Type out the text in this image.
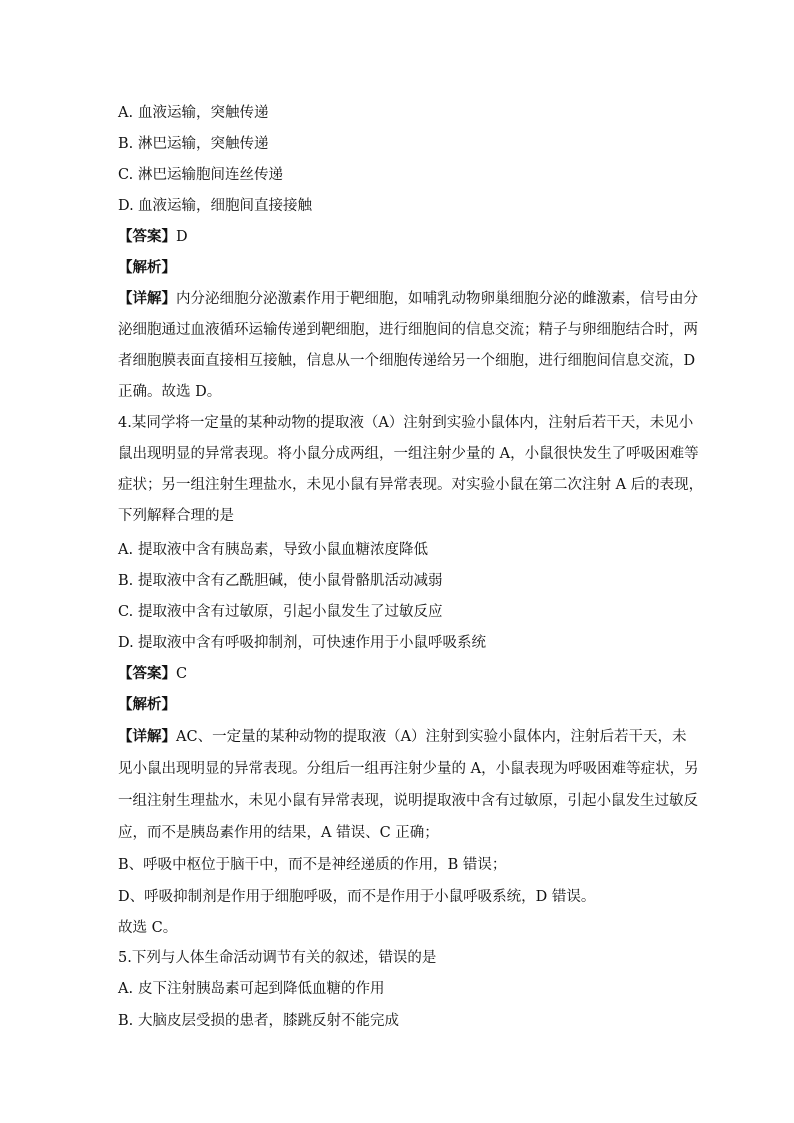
A. 血液运输，突触传递
B. 淋巴运输，突触传递
C. 淋巴运输胞间连丝传递
D. 血液运输，细胞间直接接触
【答案】D
【解析】
【详解】内分泌细胞分泌激素作用于靶细胞，如哺乳动物卵巢细胞分泌的雌激素，信号由分
泌细胞通过血液循环运输传递到靶细胞，进行细胞间的信息交流；精子与卵细胞结合时，两
者细胞膜表面直接相互接触，信息从一个细胞传递给另一个细胞，进行细胞间信息交流，D
正确。故选 D。
4.某同学将一定量的某种动物的提取液（A）注射到实验小鼠体内，注射后若干天，未见小
鼠出现明显的异常表现。将小鼠分成两组，一组注射少量的 A，小鼠很快发生了呼吸困难等
症状；另一组注射生理盐水，未见小鼠有异常表现。对实验小鼠在第二次注射 A 后的表现，
下列解释合理的是
A. 提取液中含有胰岛素，导致小鼠血糖浓度降低
B. 提取液中含有乙酰胆碱，使小鼠骨骼肌活动减弱
C. 提取液中含有过敏原，引起小鼠发生了过敏反应
D. 提取液中含有呼吸抑制剂，可快速作用于小鼠呼吸系统
【答案】C
【解析】
【详解】AC、一定量的某种动物的提取液（A）注射到实验小鼠体内，注射后若干天，未
见小鼠出现明显的异常表现。分组后一组再注射少量的 A，小鼠表现为呼吸困难等症状，另
一组注射生理盐水，未见小鼠有异常表现，说明提取液中含有过敏原，引起小鼠发生过敏反
应，而不是胰岛素作用的结果，A 错误、C 正确；
B、呼吸中枢位于脑干中，而不是神经递质的作用，B 错误；
D、呼吸抑制剂是作用于细胞呼吸，而不是作用于小鼠呼吸系统，D 错误。
故选 C。
5.下列与人体生命活动调节有关的叙述，错误的是
A. 皮下注射胰岛素可起到降低血糖的作用
B. 大脑皮层受损的患者，膝跳反射不能完成
